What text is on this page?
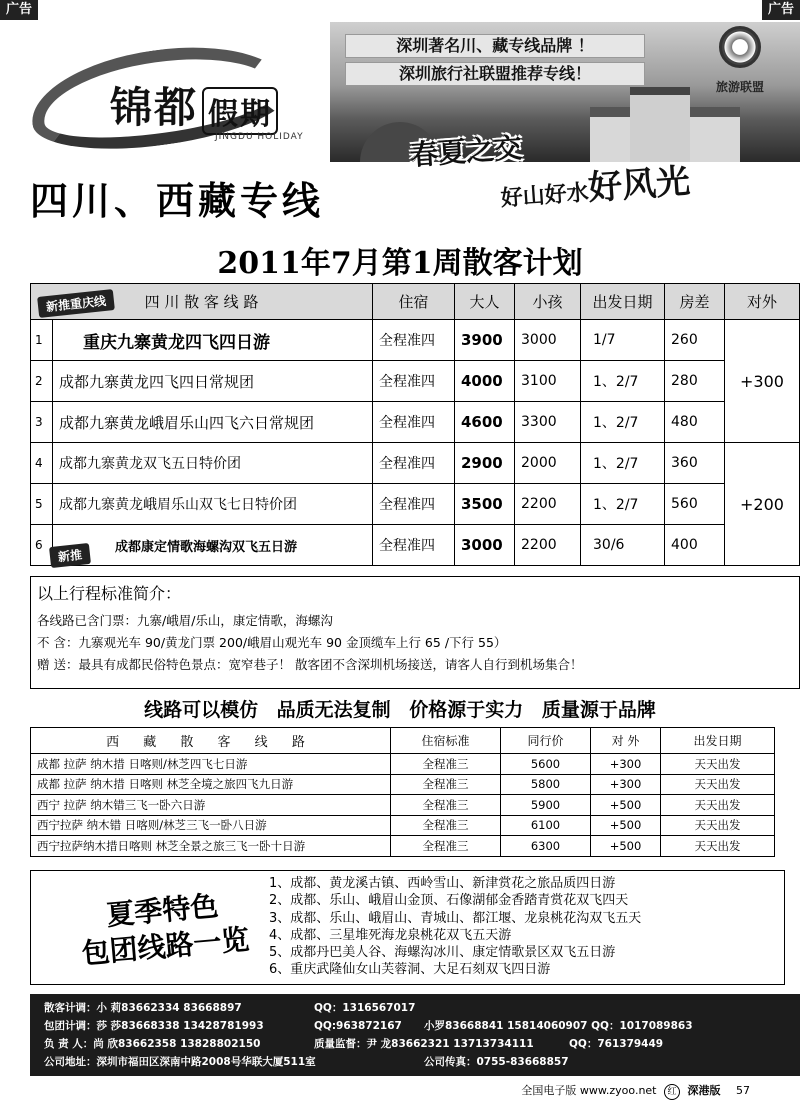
广告	广告
锦都 假期
JINGDU HOLIDAY
深圳著名川、藏专线品牌 ！
深圳旅行社联盟推荐专线！
旅游联盟
春夏之交
好山好水好风光
四川、西藏专线
2011年7月第1周散客计划
四 川 散 客 线 路		住宿	大人	小孩	出发日期	房差	对外
1	重庆九寨黄龙四飞四日游	全程准四	3900	3000	1/7	260	+300
2	成都九寨黄龙四飞四日常规团	全程准四	4000	3100	1、2/7	280	
3	成都九寨黄龙峨眉乐山四飞六日常规团	全程准四	4600	3300	1、2/7	480	
4	成都九寨黄龙双飞五日特价团	全程准四	2900	2000	1、2/7	360	+200
5	成都九寨黄龙峨眉乐山双飞七日特价团	全程准四	3500	2200	1、2/7	560	
6	成都康定情歌海螺沟双飞五日游	全程准四	3000	2200	30/6	400	
新推重庆线
新推
以上行程标准简介：

各线路已含门票：九寨/峨眉/乐山，康定情歌，海螺沟

不 含：九寨观光车 90/黄龙门票 200/峨眉山观光车 90 金顶缆车上行 65 /下行 55）

赠 送：最具有成都民俗特色景点：宽窄巷子！ 散客团不含深圳机场接送，请客人自行到机场集合！

线路可以模仿 品质无法复制 价格源于实力 质量源于品牌
西 藏 散 客 线 路	住宿标准	同行价	对 外	出发日期
成都 拉萨 纳木措 日喀则/林芝四飞七日游	全程准三	5600	+300	天天出发
成都 拉萨 纳木措 日喀则 林芝全境之旅四飞九日游	全程准三	5800	+300	天天出发
西宁 拉萨 纳木错三飞一卧六日游	全程准三	5900	+500	天天出发
西宁拉萨 纳木错 日喀则/林芝三飞一卧八日游	全程准三	6100	+500	天天出发
西宁拉萨纳木措日喀则 林芝全景之旅三飞一卧十日游	全程准三	6300	+500	天天出发
夏季特色
包团线路一览
1、成都、黄龙溪古镇、西岭雪山、新津赏花之旅品质四日游
2、成都、乐山、峨眉山金顶、石像湖郁金香踏青赏花双飞四天
3、成都、乐山、峨眉山、青城山、都江堰、龙泉桃花沟双飞五天
4、成都、三星堆死海龙泉桃花双飞五天游
5、成都丹巴美人谷、海螺沟冰川、康定情歌景区双飞五日游
6、重庆武隆仙女山芙蓉洞、大足石刻双飞四日游
散客计调：小 莉83662334 83668897	QQ：1316567017
包团计调：莎 莎83668338 13428781993	QQ:963872167 小罗83668841 15814060907 QQ：1017089863
负 责 人：尚 欣83662358 13828802150	质量监督：尹 龙83662321 13713734111	QQ：761379449
公司地址：深圳市福田区深南中路2008号华联大厦511室	公司传真：0755-83668857
全国电子版 www.zyoo.net 红 深港版 57
